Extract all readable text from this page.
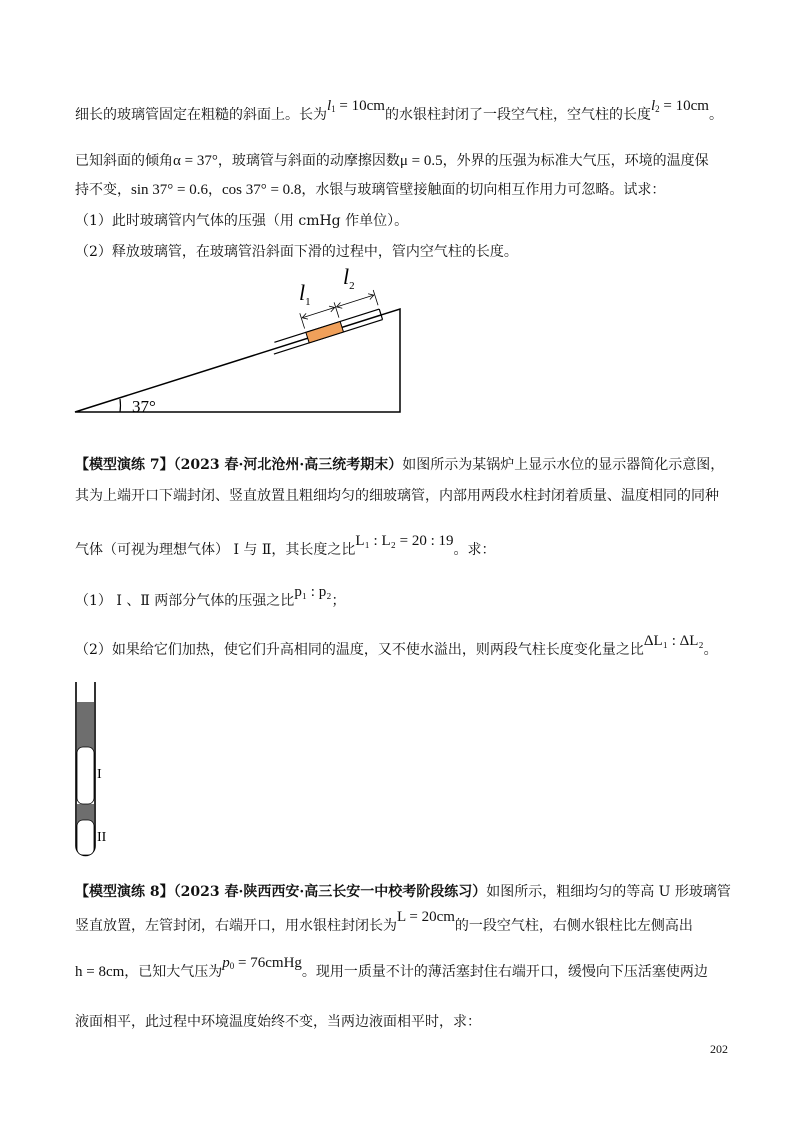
细长的玻璃管固定在粗糙的斜面上。长为$l_1 = 10cm$的水银柱封闭了一段空气柱，空气柱的长度$l_2 = 10cm$。
已知斜面的倾角α = 37°，玻璃管与斜面的动摩擦因数μ = 0.5，外界的压强为标准大气压，环境的温度保
持不变，sin 37° = 0.6，cos 37° = 0.8，水银与玻璃管壁接触面的切向相互作用力可忽略。试求：
（1）此时玻璃管内气体的压强（用 cmHg 作单位）。
（2）释放玻璃管，在玻璃管沿斜面下滑的过程中，管内空气柱的长度。
37°
$l_1$
$l_2$
【模型演练 7】（2023 春·河北沧州·高三统考期末）如图所示为某锅炉上显示水位的显示器简化示意图，
其为上端开口下端封闭、竖直放置且粗细均匀的细玻璃管，内部用两段水柱封闭着质量、温度相同的同种
气体（可视为理想气体） Ⅰ 与 Ⅱ，其长度之比L₁ : L₂ = 20 : 19。求：
（1） Ⅰ 、Ⅱ 两部分气体的压强之比p₁ : p₂；
（2）如果给它们加热，使它们升高相同的温度，又不使水溢出，则两段气柱长度变化量之比ΔL₁ : ΔL₂。
I
II
【模型演练 8】（2023 春·陕西西安·高三长安一中校考阶段练习）如图所示，粗细均匀的等高 U 形玻璃管
竖直放置，左管封闭，右端开口，用水银柱封闭长为L = 20cm的一段空气柱，右侧水银柱比左侧高出
h = 8cm，已知大气压为$p_0$ = 76cmHg。现用一质量不计的薄活塞封住右端开口，缓慢向下压活塞使两边
液面相平，此过程中环境温度始终不变，当两边液面相平时，求：
202
